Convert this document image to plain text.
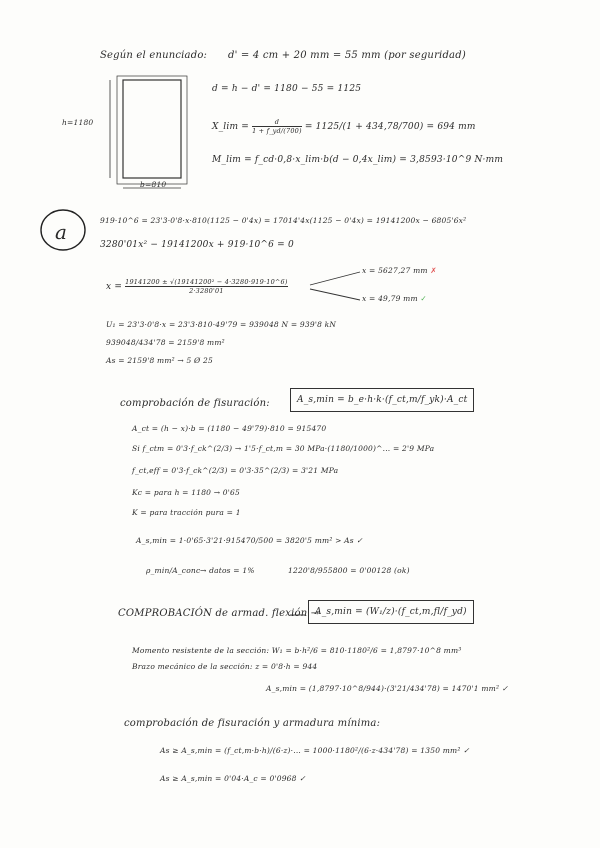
Según el enunciado: d' = 4 cm + 20 mm = 55 mm (por seguridad)
h=1180
b=810
d = h − d' = 1180 − 55 = 1125
X_lim = $\frac{d}{1 + f\_yd/(700)} = 1125/(1 + 434,78/700) = 694$ mm
M_lim = f_cd·0,8·x_lim·b(d − 0,4x_lim) = 3,8593·10^9 N·mm
a	919·10^6 = 23'3·0'8·x·810(1125 − 0'4x) = 17014'4x(1125 − 0'4x) = 19141200x − 6805'6x²
3280'01x² − 19141200x + 919·10^6 = 0
$x = \frac{\text{19141200 ± √(19141200² − 4·3280·919·10\textasciicircum{}6)}}{2\cdot 3280'01}$
x = 5627,27 mm ✗
x = 49,79 mm ✓
U₁ = 23'3·0'8·x = 23'3·810·49'79 = 939048 N = 939'8 kN
939048/434'78 = 2159'8 mm²
As = 2159'8 mm² → 5 Ø 25
comprobación de fisuración:	A_s,min = b_e·h·k·(f_ct,m/f_yk)·A_ct
A_ct = (h − x)·b = (1180 − 49'79)·810 = 915470
Si f_ctm = 0'3·f_ck^(2/3) → 1'5·f_ct,m = 30 MPa·(1180/1000)^... = 2'9 MPa
f_ct,eff = 0'3·f_ck^(2/3) = 0'3·35^(2/3) = 3'21 MPa
Kc = para h = 1180 → 0'65
K = para tracción pura = 1
A_s,min = 1·0'65·3'21·915470/500 = 3820'5 mm² > As ✓
ρ_min/A_conc → datos = 1%	1220'8/955800 = 0'00128 (ok)
COMPROBACIÓN de armad. flexión →
A_s,min = (W₁/z)·(f_ct,m,fl/f_yd)
Momento resistente de la sección: W₁ = b·h²/6 = 810·1180²/6 = 1,8797·10^8 mm³
Brazo mecánico de la sección: z = 0'8·h = 944
A_s,min = (1,8797·10^8/944)·(3'21/434'78) = 1470'1 mm² ✓
comprobación de fisuración y armadura mínima:
As ≥ A_s,min = (f_ct,m·b·h)/(6·z)·... = 1000·1180²/(6·z·434'78) = 1350 mm² ✓
As ≥ A_s,min = 0'04·A_c = 0'0968 ✓
